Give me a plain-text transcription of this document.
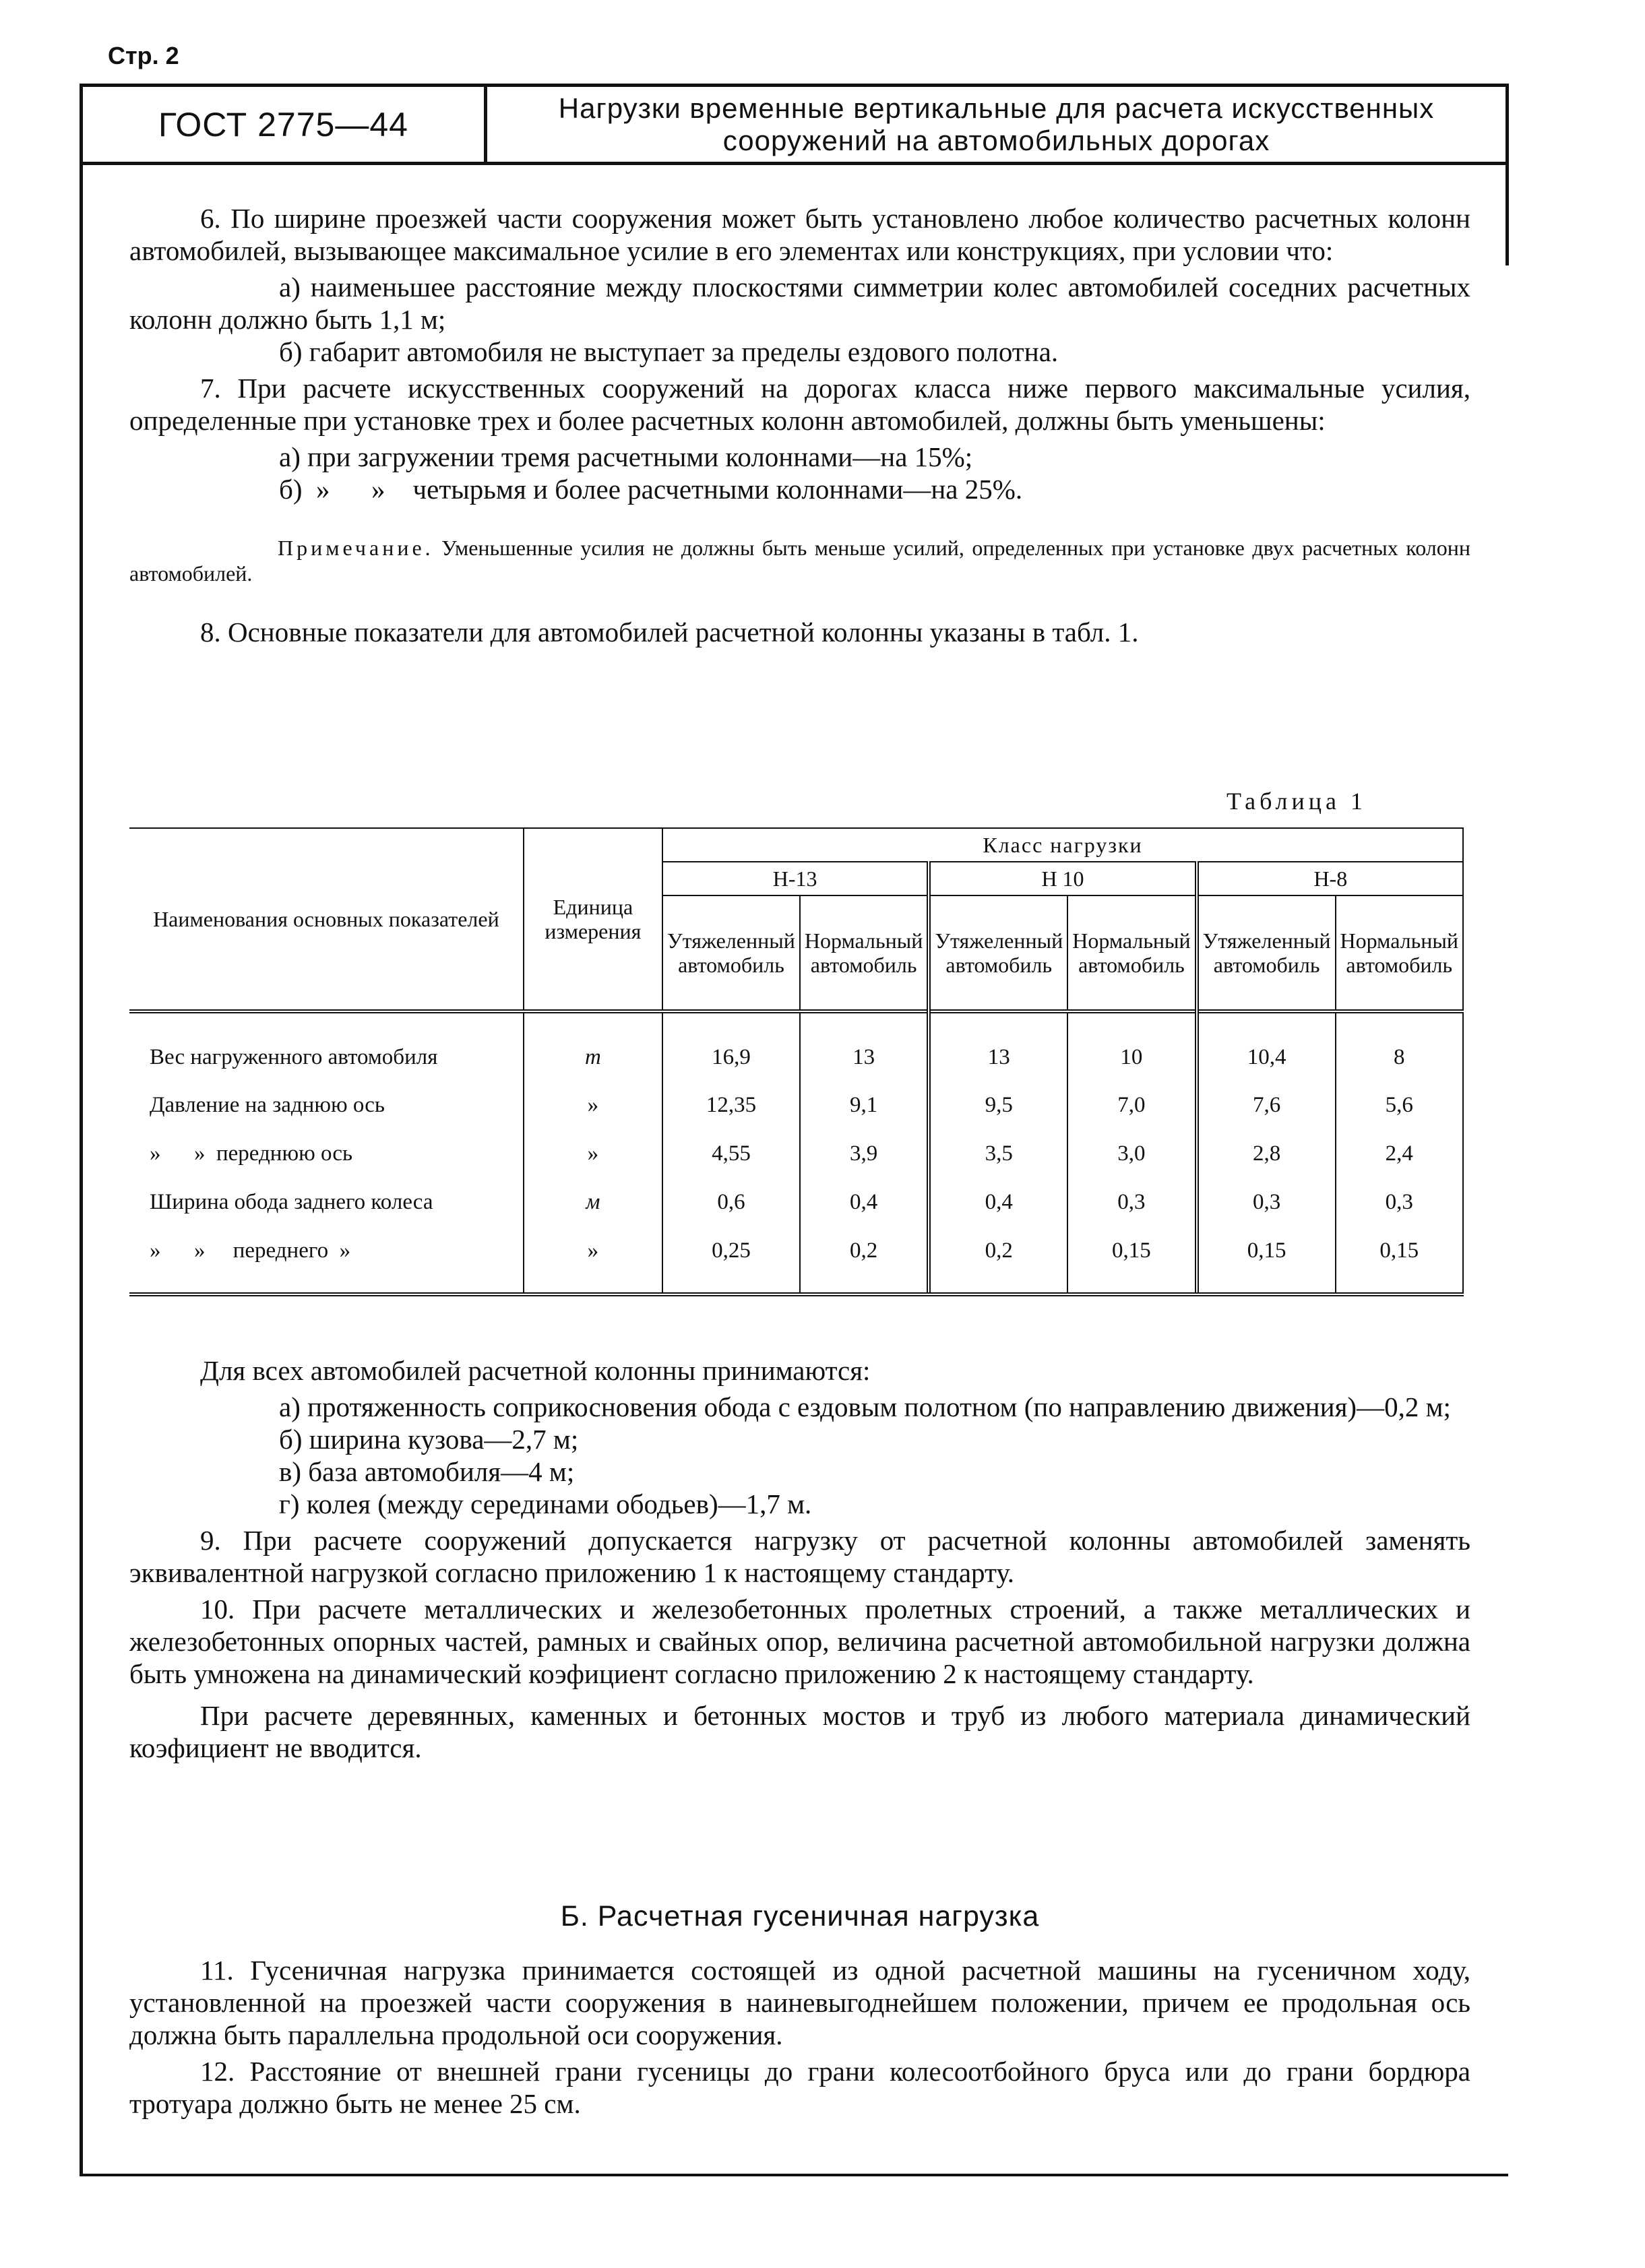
Стр. 2
ГОСТ 2775—44	Нагрузки временные вертикальные для расчета искусственных
сооружений на автомобильных дорогах

6. По ширине проезжей части сооружения может быть установлено любое количество расчетных колонн автомобилей, вызывающее максимальное усилие в его элементах или конструкциях, при условии что:

а) наименьшее расстояние между плоскостями симметрии колес автомобилей соседних расчетных колонн должно быть 1,1 м;

б) габарит автомобиля не выступает за пределы ездового полотна.

7. При расчете искусственных сооружений на дорогах класса ниже первого максимальные усилия, определенные при установке трех и более расчетных колонн автомобилей, должны быть уменьшены:

а) при загружении тремя расчетными колоннами—на 15%;

б)  »      »    четырьмя и более расчетными колоннами—на 25%.

Примечание. Уменьшенные усилия не должны быть меньше усилий, определенных при установке двух расчетных колонн автомобилей.

8. Основные показатели для автомобилей расчетной колонны указаны в табл. 1.

Таблица 1
Наименования основных показателей	Единица измерения	Класс нагрузки					
		Н-13		Н 10		Н-8	
		Утяжеленный автомобиль	Нормальный автомобиль	Утяжеленный автомобиль	Нормальный автомобиль	Утяжеленный автомобиль	Нормальный автомобиль
Вес нагруженного автомобиля	т	16,9	13	13	10	10,4	8
Давление на заднюю ось	»	12,35	9,1	9,5	7,0	7,6	5,6
»      »  переднюю ось	»	4,55	3,9	3,5	3,0	2,8	2,4
Ширина обода заднего колеса	м	0,6	0,4	0,4	0,3	0,3	0,3
»      »     переднего  »	»	0,25	0,2	0,2	0,15	0,15	0,15

Для всех автомобилей расчетной колонны принимаются:

а) протяженность соприкосновения обода с ездовым полотном (по направлению движения)—0,2 м;

б) ширина кузова—2,7 м;

в) база автомобиля—4 м;

г) колея (между серединами ободьев)—1,7 м.

9. При расчете сооружений допускается нагрузку от расчетной колонны автомобилей заменять эквивалентной нагрузкой согласно приложению 1 к настоящему стандарту.

10. При расчете металлических и железобетонных пролетных строений, а также металлических и железобетонных опорных частей, рамных и свайных опор, величина расчетной автомобильной нагрузки должна быть умножена на динамический коэфициент согласно приложению 2 к настоящему стандарту.

При расчете деревянных, каменных и бетонных мостов и труб из любого материала динамический коэфициент не вводится.

Б. Расчетная гусеничная нагрузка

11. Гусеничная нагрузка принимается состоящей из одной расчетной машины на гусеничном ходу, установленной на проезжей части сооружения в наиневыгоднейшем положении, причем ее продольная ось должна быть параллельна продольной оси сооружения.

12. Расстояние от внешней грани гусеницы до грани колесоотбойного бруса или до грани бордюра тротуара должно быть не менее 25 см.
